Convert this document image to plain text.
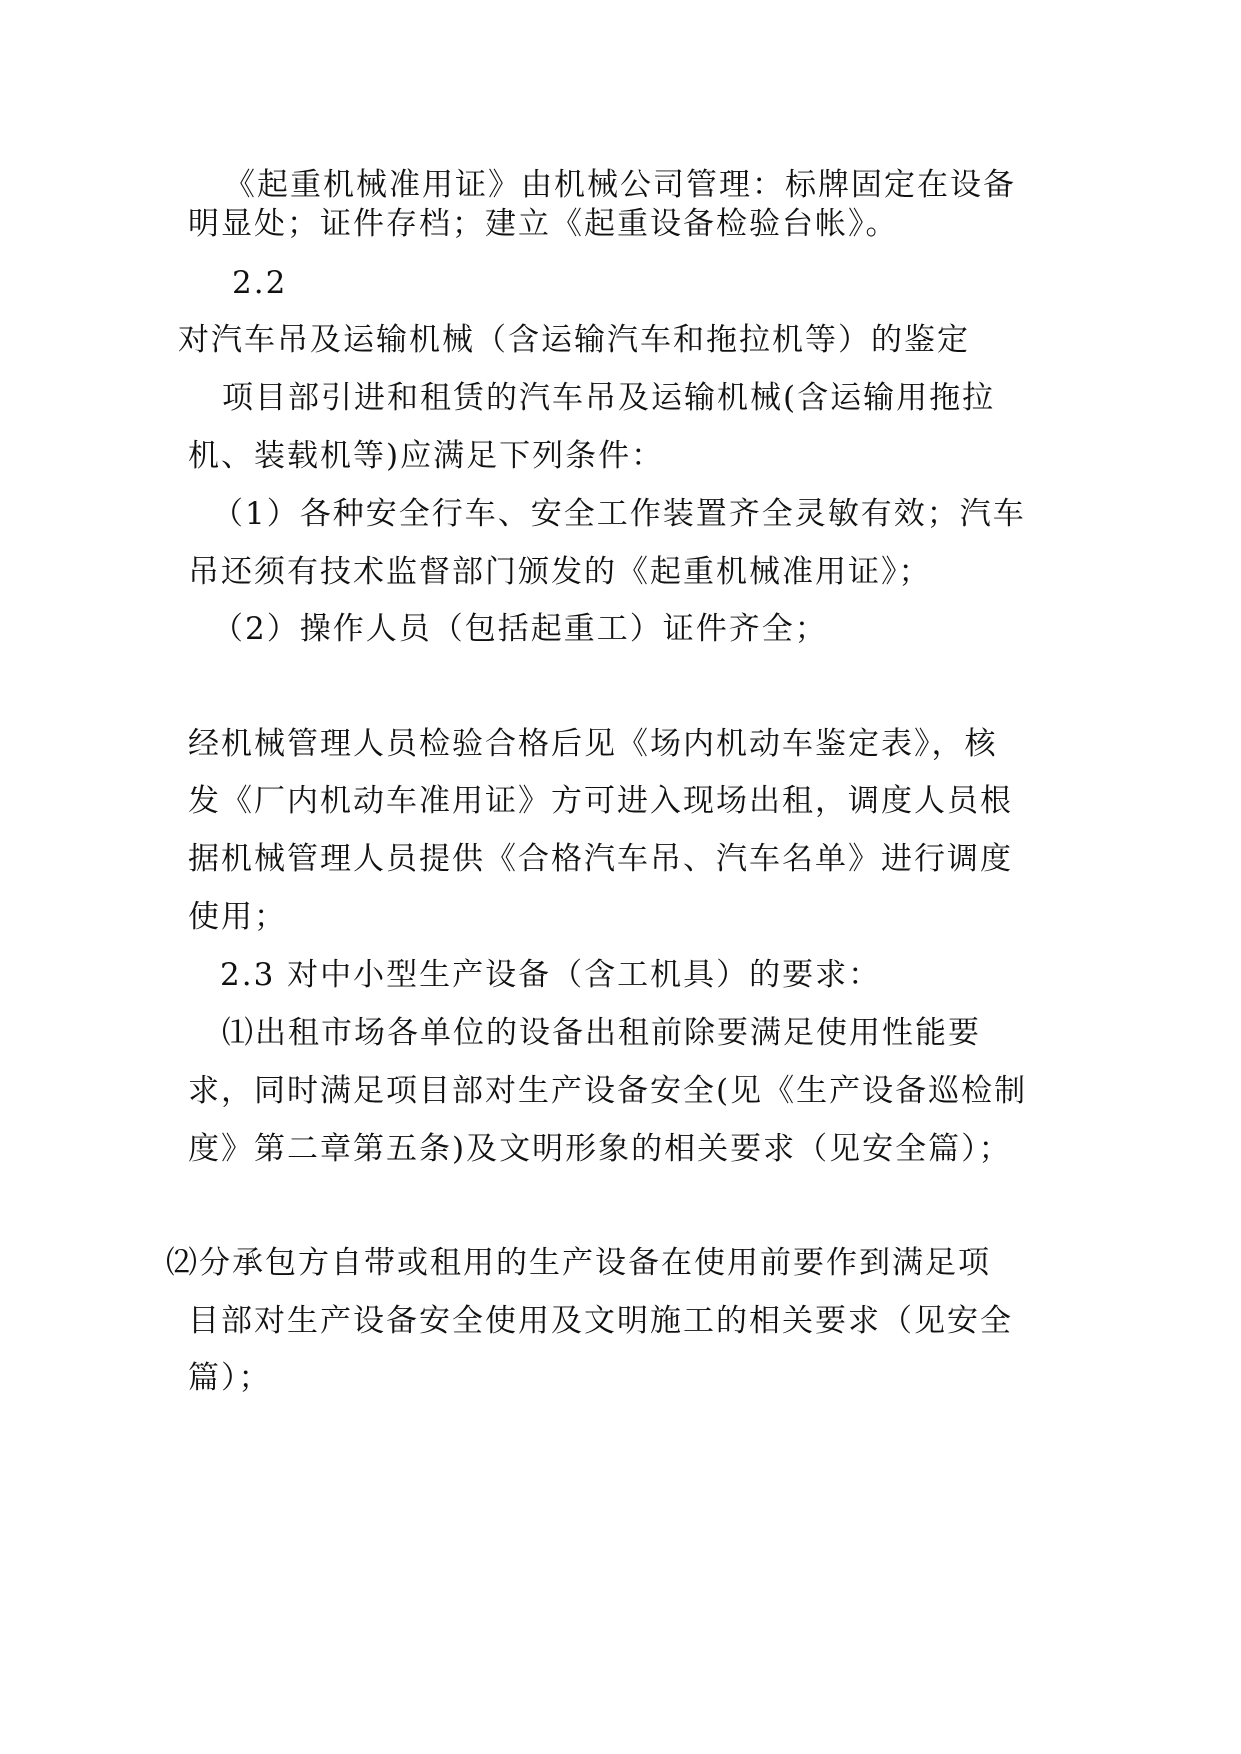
《起重机械准用证》由机械公司管理：标牌固定在设备
明显处；证件存档；建立《起重设备检验台帐》。
2.2
对汽车吊及运输机械（含运输汽车和拖拉机等）的鉴定
项目部引进和租赁的汽车吊及运输机械(含运输用拖拉
机、装载机等)应满足下列条件：
（1）各种安全行车、安全工作装置齐全灵敏有效；汽车
吊还须有技术监督部门颁发的《起重机械准用证》；
（2）操作人员（包括起重工）证件齐全；
经机械管理人员检验合格后见《场内机动车鉴定表》，核
发《厂内机动车准用证》方可进入现场出租，调度人员根
据机械管理人员提供《合格汽车吊、汽车名单》进行调度
使用；
2.3 对中小型生产设备（含工机具）的要求：
⑴出租市场各单位的设备出租前除要满足使用性能要
求，同时满足项目部对生产设备安全(见《生产设备巡检制
度》第二章第五条)及文明形象的相关要求（见安全篇）；
⑵分承包方自带或租用的生产设备在使用前要作到满足项
目部对生产设备安全使用及文明施工的相关要求（见安全
篇）；
